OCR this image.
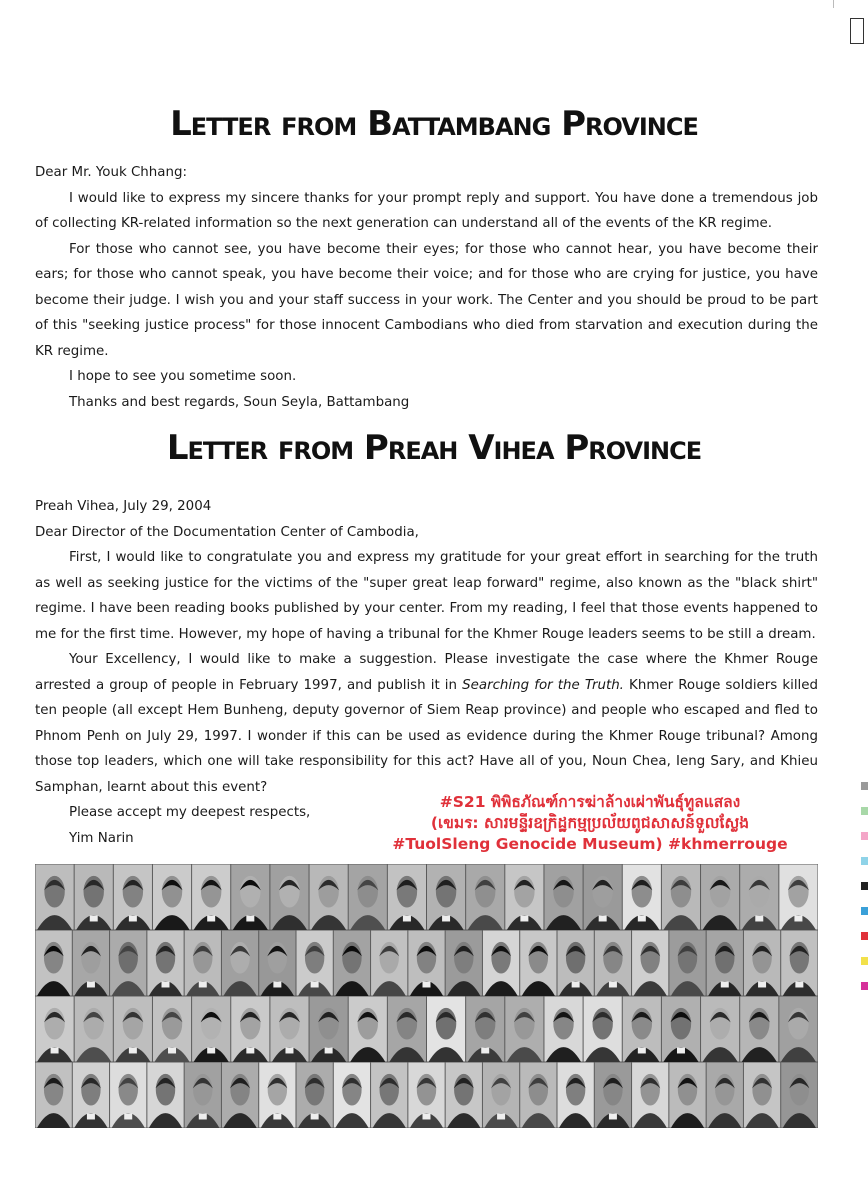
Letter from Battambang Province

Dear Mr. Youk Chhang:

I would like to express my sincere thanks for your prompt reply and support. You have done a tremendous job of collecting KR-related information so the next generation can understand all of the events of the KR regime.

For those who cannot see, you have become their eyes; for those who cannot hear, you have become their ears; for those who cannot speak, you have become their voice; and for those who are crying for justice, you have become their judge. I wish you and your staff success in your work. The Center and you should be proud to be part of this "seeking justice process" for those innocent Cambodians who died from starvation and execution during the KR regime.

I hope to see you sometime soon.

Thanks and best regards, Soun Seyla, Battambang

Letter from Preah Vihea Province

Preah Vihea, July 29, 2004

Dear Director of the Documentation Center of Cambodia,

First, I would like to congratulate you and express my gratitude for your great effort in searching for the truth as well as seeking justice for the victims of the "super great leap forward" regime, also known as the "black shirt" regime. I have been reading books published by your center. From my reading, I feel that those events happened to me for the first time. However, my hope of having a tribunal for the Khmer Rouge leaders seems to be still a dream.

Your Excellency, I would like to make a suggestion. Please investigate the case where the Khmer Rouge arrested a group of people in February 1997, and publish it in Searching for the Truth. Khmer Rouge soldiers killed ten people (all except Hem Bunheng, deputy governor of Siem Reap province) and people who escaped and fled to Phnom Penh on July 29, 1997. I wonder if this can be used as evidence during the Khmer Rouge tribunal? Among those top leaders, which one will take responsibility for this act? Have all of you, Noun Chea, Ieng Sary, and Khieu Samphan, learnt about this event?

Please accept my deepest respects,

Yim Narin

#S21 พิพิธภัณฑ์การฆ่าล้างเผ่าพันธุ์ทูลแสลง
(เขมร: សារមន្ទីរឧក្រិដ្ឋកម្មប្រល័យពូជសាសន៍ទួលស្លែង
#TuolSleng Genocide Museum) #khmerrouge
